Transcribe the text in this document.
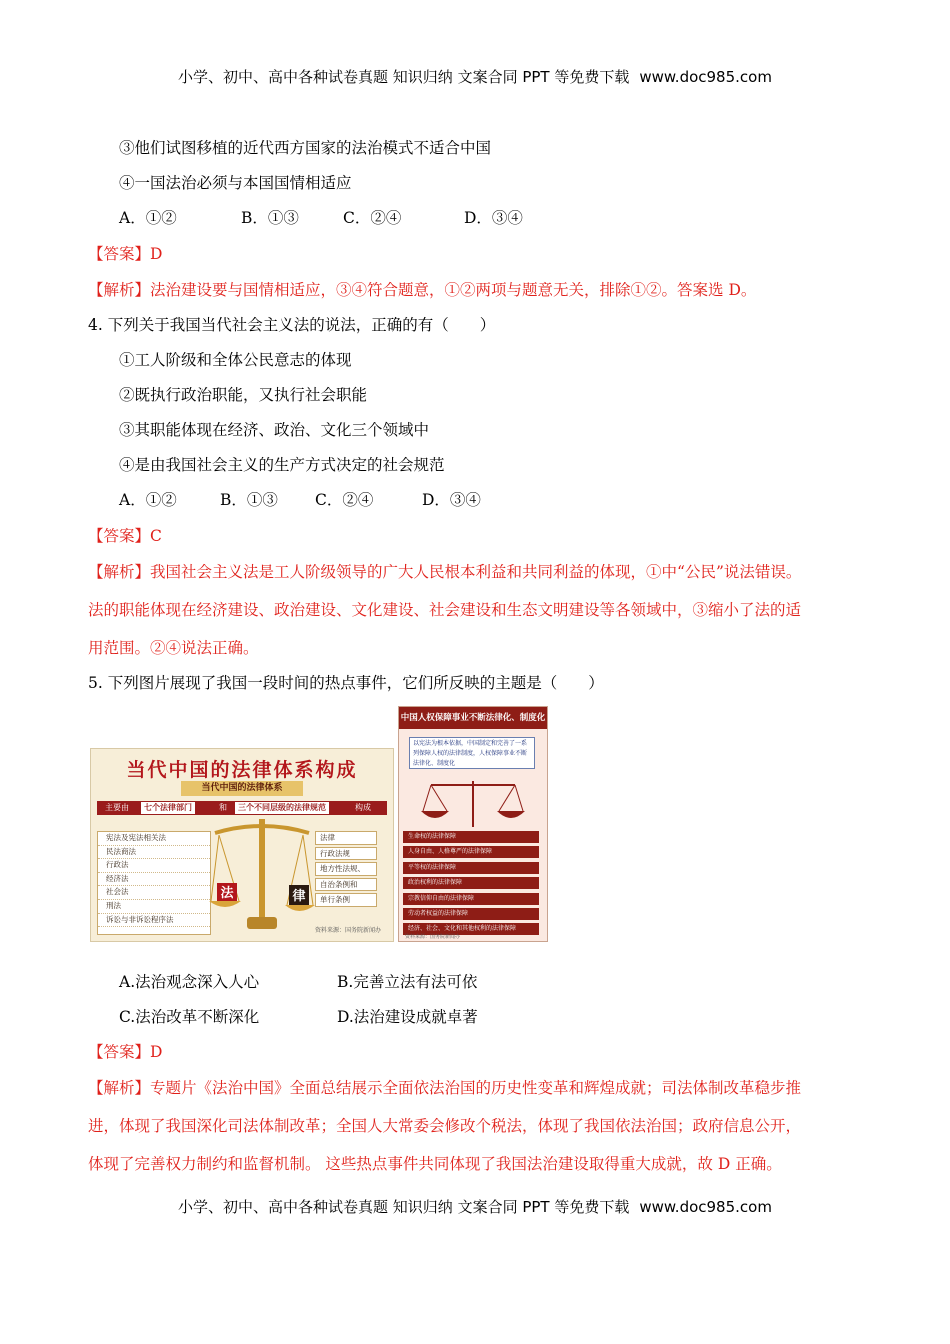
小学、初中、高中各种试卷真题 知识归纳 文案合同 PPT 等免费下载 www.doc985.com
③他们试图移植的近代西方国家的法治模式不适合中国
④一国法治必须与本国国情相适应
A．①②	B．①③	C．②④	D．③④
【答案】D
【解析】法治建设要与国情相适应，③④符合题意，①②两项与题意无关，排除①②。答案选 D。
4. 下列关于我国当代社会主义法的说法，正确的有（　　）
①工人阶级和全体公民意志的体现
②既执行政治职能，又执行社会职能
③其职能体现在经济、政治、文化三个领域中
④是由我国社会主义的生产方式决定的社会规范
A．①②	B．①③ C．②④	D．③④
【答案】C
【解析】我国社会主义法是工人阶级领导的广大人民根本利益和共同利益的体现，①中“公民”说法错误。
法的职能体现在经济建设、政治建设、文化建设、社会建设和生态文明建设等各领域中，③缩小了法的适
用范围。②④说法正确。
5. 下列图片展现了我国一段时间的热点事件，它们所反映的主题是（　　）
当代中国的法律体系构成
当代中国的法律体系
主要由	七个法律部门	和	三个不同层级的法律规范	构成
宪法及宪法相关法
民法商法
行政法
经济法
社会法
刑法
诉讼与非诉讼程序法
法	律
法律
行政法规
地方性法规、
自治条例和
单行条例
资料来源：国务院新闻办
中国人权保障事业不断法律化、制度化
以宪法为根本依据，中国制定和完善了一系列保障人权的法律制度，人权保障事业不断法律化、制度化
生命权的法律保障
人身自由、人格尊严的法律保障
平等权的法律保障
政治权利的法律保障
宗教信仰自由的法律保障
劳动者权益的法律保障
经济、社会、文化和其他权利的法律保障
资料来源：国务院新闻办
A.法治观念深入人心	B.完善立法有法可依
C.法治改革不断深化	D.法治建设成就卓著
【答案】D
【解析】专题片《法治中国》全面总结展示全面依法治国的历史性变革和辉煌成就；司法体制改革稳步推
进，体现了我国深化司法体制改革；全国人大常委会修改个税法，体现了我国依法治国；政府信息公开，
体现了完善权力制约和监督机制。 这些热点事件共同体现了我国法治建设取得重大成就，故 D 正确。
小学、初中、高中各种试卷真题 知识归纳 文案合同 PPT 等免费下载 www.doc985.com
